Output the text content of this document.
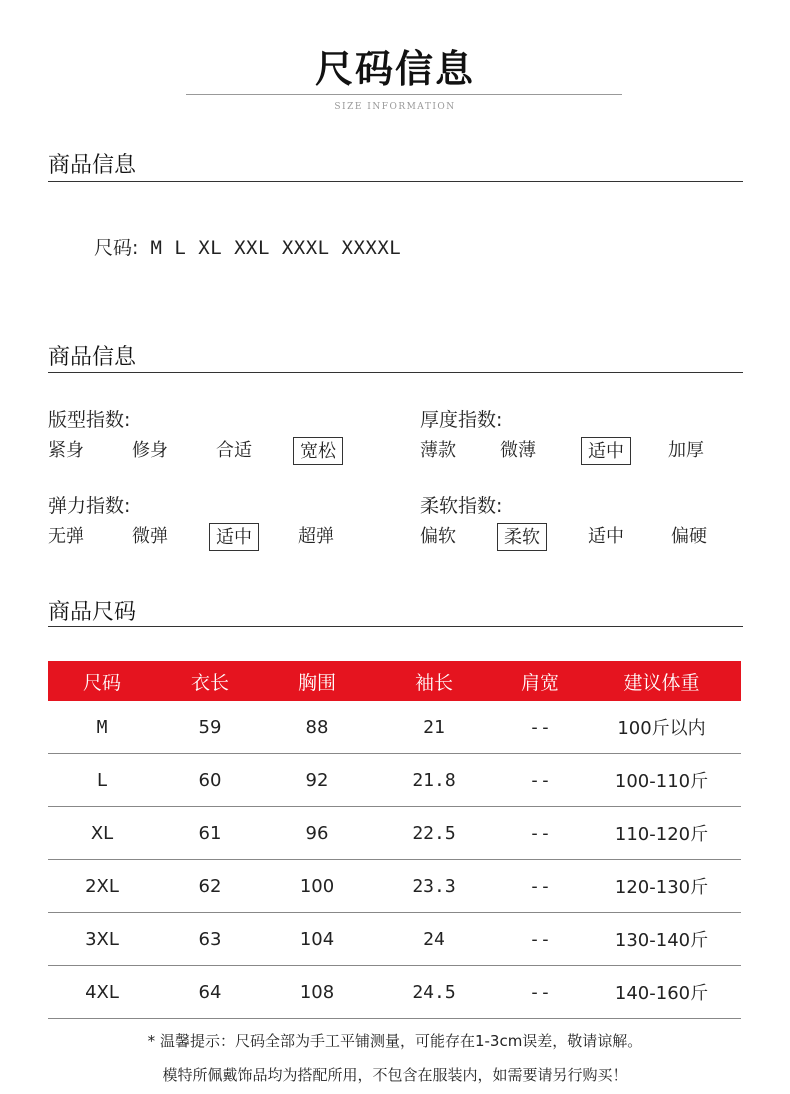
尺码信息
SIZE INFORMATION
商品信息
尺码: M L XL XXL XXXL XXXXL
商品信息
版型指数:
紧身	修身	合适	宽松
厚度指数:
薄款 微薄	适中	加厚
弹力指数:
无弹	微弹	适中	超弹
柔软指数:
偏软	柔软	适中	偏硬
商品尺码
尺码	衣长	胸围	袖长	肩宽	建议体重
M	59	88	21	--	100斤以内
L	60	92	21.8	--	100-110斤
XL	61	96	22.5	--	110-120斤
2XL	62	100	23.3	--	120-130斤
3XL	63	104	24	--	130-140斤
4XL	64	108	24.5	--	140-160斤
* 温馨提示：尺码全部为手工平铺测量，可能存在1-3cm误差，敬请谅解。
模特所佩戴饰品均为搭配所用，不包含在服装内，如需要请另行购买！
